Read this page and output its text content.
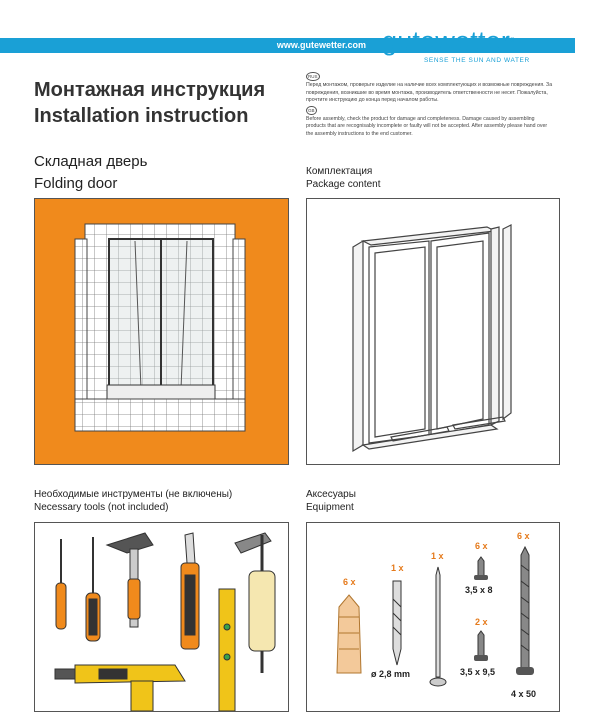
www.gutewetter.com gutewetter®
SENSE THE SUN AND WATER
Монтажная инструкция
Installation instruction
RUS
Перед монтажом, проверьте изделие на наличие всех комплектующих и возможные повреждения. За повреждения, возникшие во время монтажа, производитель ответственности не несет. Пожалуйста, прочтите инструкцию до конца перед началом работы.
GB
Before assembly, check the product for damage and completeness. Damage caused by assembling products that are recognisably incomplete or faulty will not be accepted. After assembly please hand over the assembly instructions to the end customer.
Складная дверь
Folding door
Комплектация
Package content
Необходимые инструменты (не включены)
Necessary tools (not included)
Аксесуары
Equipment
6 x
1 x
ø 2,8 mm
1 x
6 x
3,5 x 8
2 x
3,5 x 9,5
6 x
4 x 50
